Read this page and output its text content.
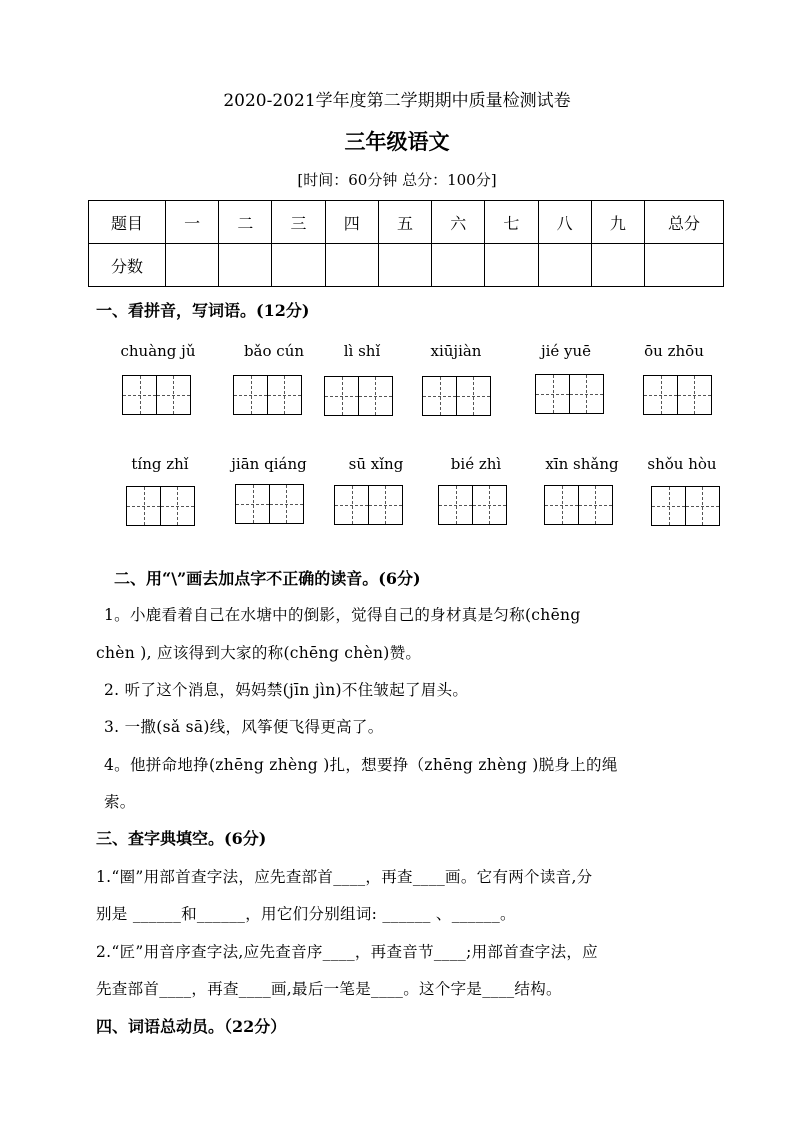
2020-2021学年度第二学期期中质量检测试卷
三年级语文
[时间：60分钟 总分：100分]
题目	一	二	三	四	五	六	七	八	九	总分
分数										
一、看拼音，写词语。(12分)
chuàng jǔ	bǎo cún	lì shǐ	xiūjiàn	jié yuē	ōu zhōu
tíng zhǐ	jiān qiáng	sū xǐng	bié zhì	xīn shǎng	shǒu hòu
二、用“\”画去加点字不正确的读音。(6分)
1。小鹿看着自己在水塘中的倒影，觉得自己的身材真是匀称(chēng
chèn ), 应该得到大家的称(chēng chèn)赞。
2. 听了这个消息，妈妈禁(jīn jìn)不住皱起了眉头。
3. 一撒(sǎ sā)线，风筝便飞得更高了。
4。他拼命地挣(zhēng zhèng )扎，想要挣（zhēng zhèng )脱身上的绳
索。
三、查字典填空。(6分)
1.“圈”用部首查字法，应先查部首____，再查____画。它有两个读音,分
别是 ______和______，用它们分别组词: ______ 、______。
2.“匠”用音序查字法,应先查音序____，再查音节____;用部首查字法，应
先查部首____，再查____画,最后一笔是____。这个字是____结构。
四、词语总动员。（22分）
